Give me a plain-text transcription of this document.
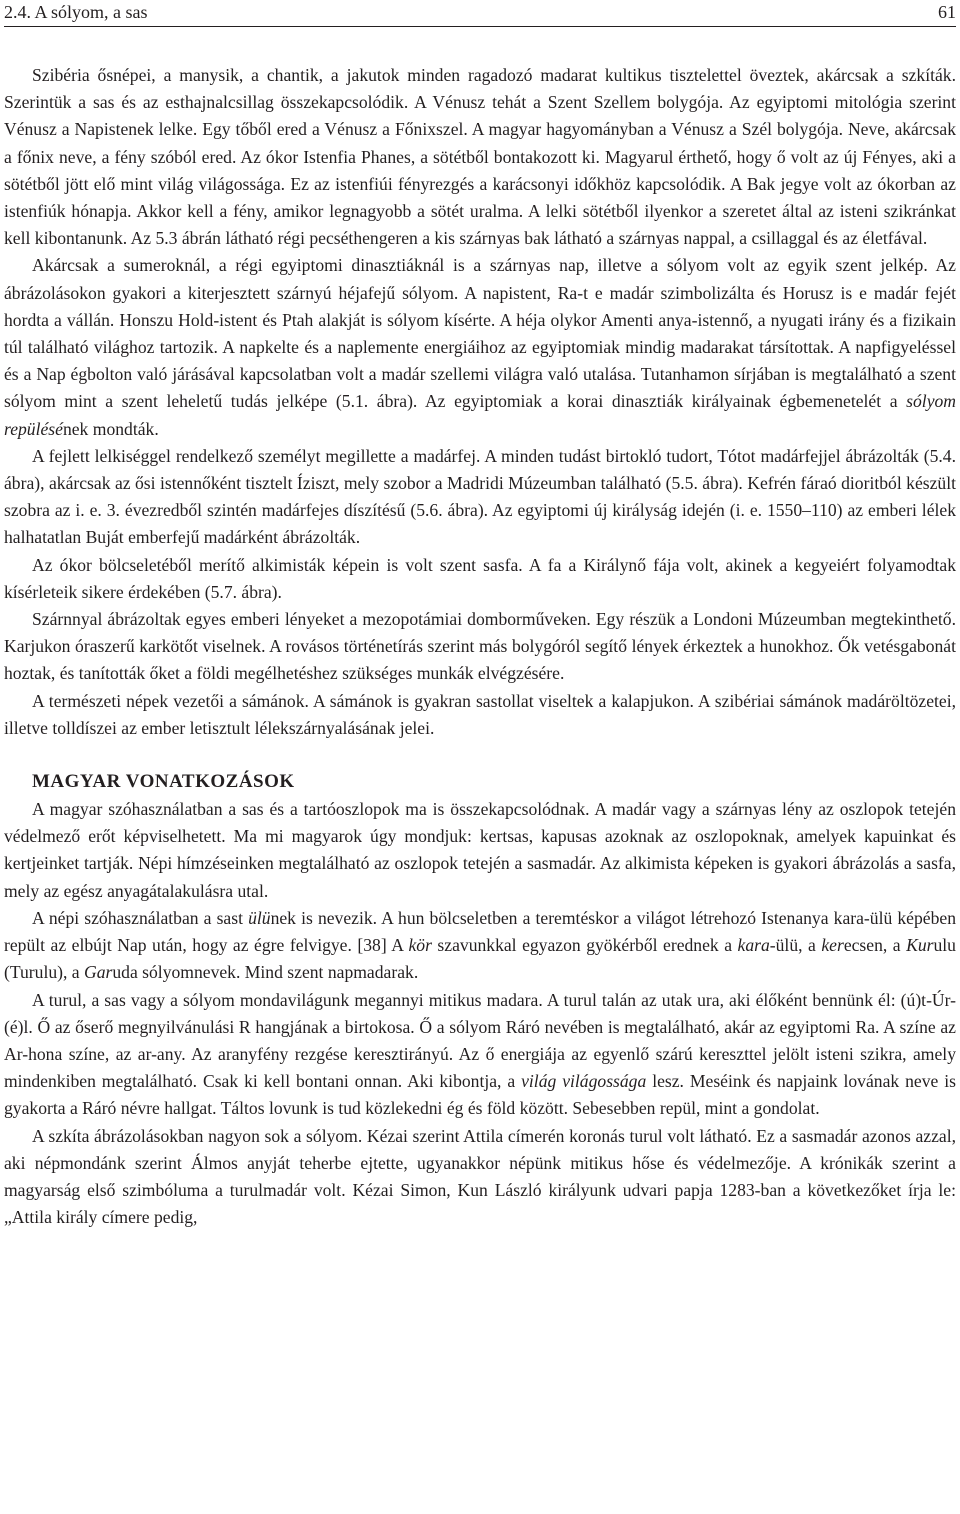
2.4. A sólyom, a sas	61

Szibéria ősnépei, a manysik, a chantik, a jakutok minden ragadozó madarat kultikus tisztelettel öveztek, akárcsak a szkíták. Szerintük a sas és az esthajnalcsillag összekapcsolódik. A Vénusz tehát a Szent Szellem bolygója. Az egyiptomi mitológia szerint Vénusz a Napistenek lelke. Egy tőből ered a Vénusz a Főnixszel. A magyar hagyományban a Vénusz a Szél bolygója. Neve, akárcsak a főnix neve, a fény szóból ered. Az ókor Istenfia Phanes, a sötétből bontakozott ki. Magyarul érthető, hogy ő volt az új Fényes, aki a sötétből jött elő mint világ világossága. Ez az istenfiúi fényrezgés a karácsonyi időkhöz kapcsolódik. A Bak jegye volt az ókorban az istenfiúk hónapja. Akkor kell a fény, amikor legnagyobb a sötét uralma. A lelki sötétből ilyenkor a szeretet által az isteni szikránkat kell kibontanunk. Az 5.3 ábrán látható régi pecséthengeren a kis szárnyas bak látható a szárnyas nappal, a csillaggal és az életfával.

Akárcsak a sumeroknál, a régi egyiptomi dinasztiáknál is a szárnyas nap, illetve a sólyom volt az egyik szent jelkép. Az ábrázolásokon gyakori a kiterjesztett szárnyú héjafejű sólyom. A napistent, Ra-t e madár szimbolizálta és Horusz is e madár fejét hordta a vállán. Honszu Hold-istent és Ptah alakját is sólyom kísérte. A héja olykor Amenti anya-istennő, a nyugati irány és a fizikain túl található világhoz tartozik. A napkelte és a naplemente energiáihoz az egyiptomiak mindig madarakat társítottak. A napfigyeléssel és a Nap égbolton való járásával kapcsolatban volt a madár szellemi világra való utalása. Tutanhamon sírjában is megtalálható a szent sólyom mint a szent leheletű tudás jelképe (5.1. ábra). Az egyiptomiak a korai dinasztiák királyainak égbemenetelét a sólyom repülésének mondták.

A fejlett lelkiséggel rendelkező személyt megillette a madárfej. A minden tudást birtokló tudort, Tótot madárfejjel ábrázolták (5.4. ábra), akárcsak az ősi istennőként tisztelt Íziszt, mely szobor a Madridi Múzeumban található (5.5. ábra). Kefrén fáraó dioritból készült szobra az i. e. 3. évezredből szintén madárfejes díszítésű (5.6. ábra). Az egyiptomi új királyság idején (i. e. 1550–110) az emberi lélek halhatatlan Buját emberfejű madárként ábrázolták.

Az ókor bölcseletéből merítő alkimisták képein is volt szent sasfa. A fa a Királynő fája volt, akinek a kegyeiért folyamodtak kísérleteik sikere érdekében (5.7. ábra).

Szárnnyal ábrázoltak egyes emberi lényeket a mezopotámiai domborműveken. Egy részük a Londoni Múzeumban megtekinthető. Karjukon óraszerű karkötőt viselnek. A rovásos történetírás szerint más bolygóról segítő lények érkeztek a hunokhoz. Ők vetésgabonát hoztak, és tanították őket a földi megélhetéshez szükséges munkák elvégzésére.

A természeti népek vezetői a sámánok. A sámánok is gyakran sastollat viseltek a kalapjukon. A szibériai sámánok madáröltözetei, illetve tolldíszei az ember letisztult lélekszárnyalásának jelei.

MAGYAR VONATKOZÁSOK

A magyar szóhasználatban a sas és a tartóoszlopok ma is összekapcsolódnak. A madár vagy a szárnyas lény az oszlopok tetején védelmező erőt képviselhetett. Ma mi magyarok úgy mondjuk: kertsas, kapusas azoknak az oszlopoknak, amelyek kapuinkat és kertjeinket tartják. Népi hímzéseinken megtalálható az oszlopok tetején a sasmadár. Az alkimista képeken is gyakori ábrázolás a sasfa, mely az egész anyagátalakulásra utal.

A népi szóhasználatban a sast ülünek is nevezik. A hun bölcseletben a teremtéskor a világot létrehozó Istenanya kara-ülü képében repült az elbújt Nap után, hogy az égre felvigye. [38] A kör szavunkkal egyazon gyökérből erednek a kara-ülü, a kerecsen, a Kurulu (Turulu), a Garuda sólyomnevek. Mind szent napmadarak.

A turul, a sas vagy a sólyom mondavilágunk megannyi mitikus madara. A turul talán az utak ura, aki élőként bennünk él: (ú)t-Úr-(é)l. Ő az őserő megnyilvánulási R hangjának a birtokosa. Ő a sólyom Ráró nevében is megtalálható, akár az egyiptomi Ra. A színe az Ar-hona színe, az ar-any. Az aranyfény rezgése keresztirányú. Az ő energiája az egyenlő szárú kereszttel jelölt isteni szikra, amely mindenkiben megtalálható. Csak ki kell bontani onnan. Aki kibontja, a világ világossága lesz. Meséink és napjaink lovának neve is gyakorta a Ráró névre hallgat. Táltos lovunk is tud közlekedni ég és föld között. Sebesebben repül, mint a gondolat.

A szkíta ábrázolásokban nagyon sok a sólyom. Kézai szerint Attila címerén koronás turul volt látható. Ez a sasmadár azonos azzal, aki népmondánk szerint Álmos anyját teherbe ejtette, ugyanakkor népünk mitikus hőse és védelmezője. A krónikák szerint a magyarság első szimbóluma a turulmadár volt. Kézai Simon, Kun László királyunk udvari papja 1283-ban a következőket írja le: „Attila király címere pedig,
